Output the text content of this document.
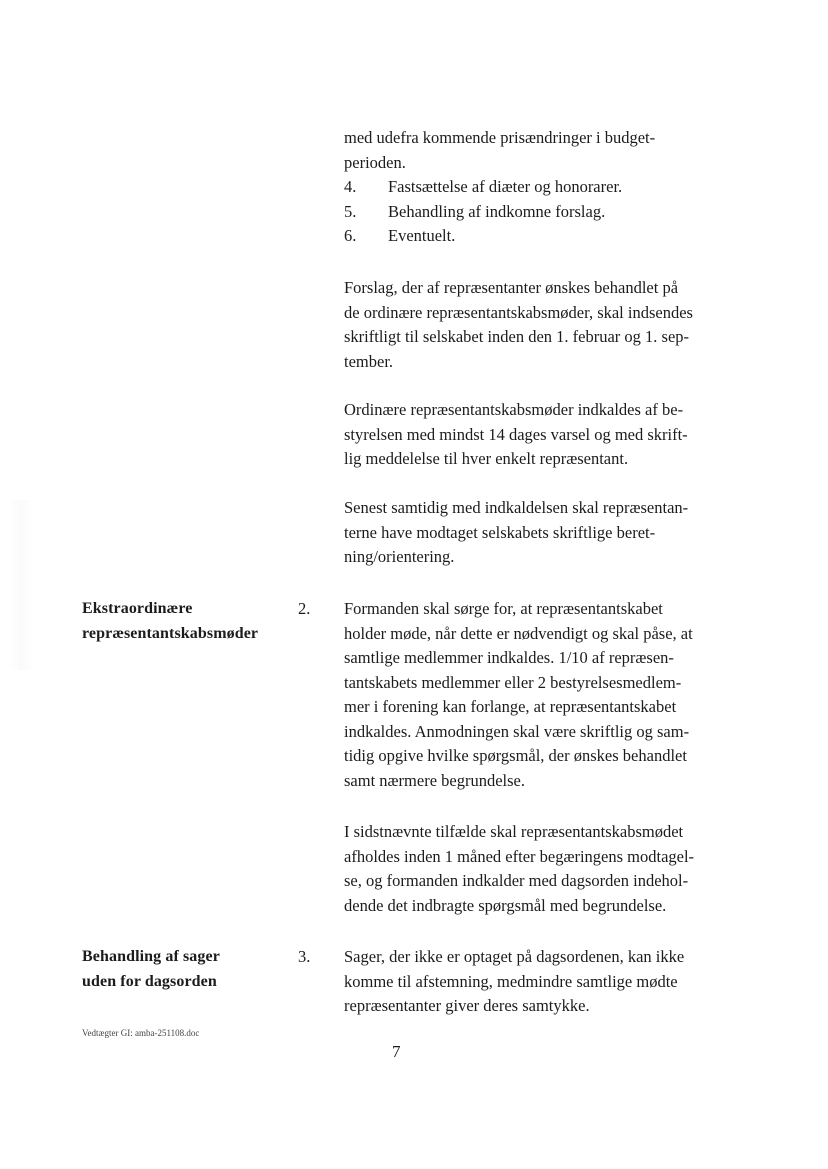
med udefra kommende prisændringer i budget-
perioden.
4.	Fastsættelse af diæter og honorarer.
5.	Behandling af indkomne forslag.
6.	Eventuelt.
Forslag, der af repræsentanter ønskes behandlet på
de ordinære repræsentantskabsmøder, skal indsendes
skriftligt til selskabet inden den 1. februar og 1. sep-
tember.
Ordinære repræsentantskabsmøder indkaldes af be-
styrelsen med mindst 14 dages varsel og med skrift-
lig meddelelse til hver enkelt repræsentant.
Senest samtidig med indkaldelsen skal repræsentan-
terne have modtaget selskabets skriftlige beret-
ning/orientering.
Ekstraordinære
repræsentantskabsmøder
2. Formanden skal sørge for, at repræsentantskabet
holder møde, når dette er nødvendigt og skal påse, at
samtlige medlemmer indkaldes. 1/10 af repræsen-
tantskabets medlemmer eller 2 bestyrelsesmedlem-
mer i forening kan forlange, at repræsentantskabet
indkaldes. Anmodningen skal være skriftlig og sam-
tidig opgive hvilke spørgsmål, der ønskes behandlet
samt nærmere begrundelse.
I sidstnævnte tilfælde skal repræsentantskabsmødet
afholdes inden 1 måned efter begæringens modtagel-
se, og formanden indkalder med dagsorden indehol-
dende det indbragte spørgsmål med begrundelse.
Behandling af sager
uden for dagsorden
3. Sager, der ikke er optaget på dagsordenen, kan ikke
komme til afstemning, medmindre samtlige mødte
repræsentanter giver deres samtykke.
Vedtægter GI: amba-251108.doc
7
